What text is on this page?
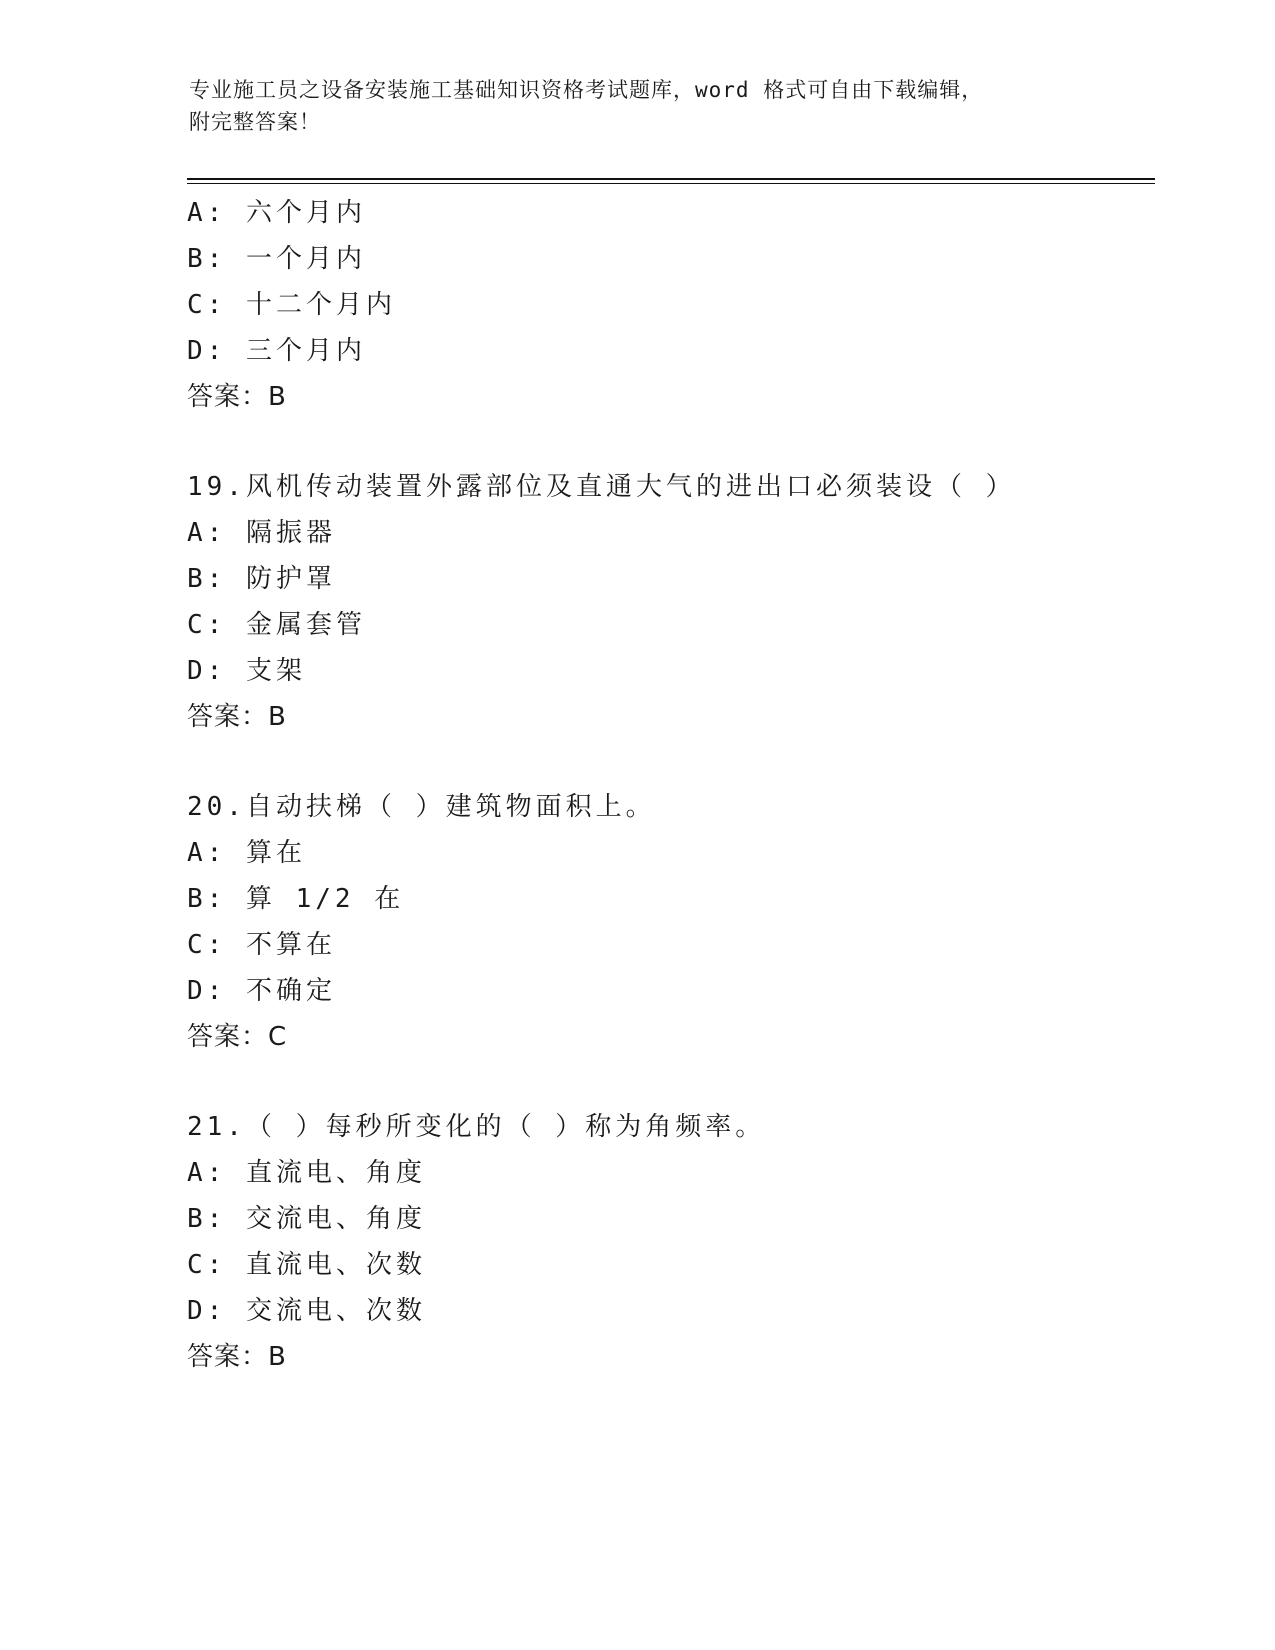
专业施工员之设备安装施工基础知识资格考试题库，word 格式可自由下载编辑，
附完整答案！
A: 六个月内
B: 一个月内
C: 十二个月内
D: 三个月内
答案：B
19.风机传动装置外露部位及直通大气的进出口必须装设（ ）
A: 隔振器
B: 防护罩
C: 金属套管
D: 支架
答案：B
20.自动扶梯（ ）建筑物面积上。
A: 算在
B: 算 1/2 在
C: 不算在
D: 不确定
答案：C
21.（ ）每秒所变化的（ ）称为角频率。
A: 直流电、角度
B: 交流电、角度
C: 直流电、次数
D: 交流电、次数
答案：B
